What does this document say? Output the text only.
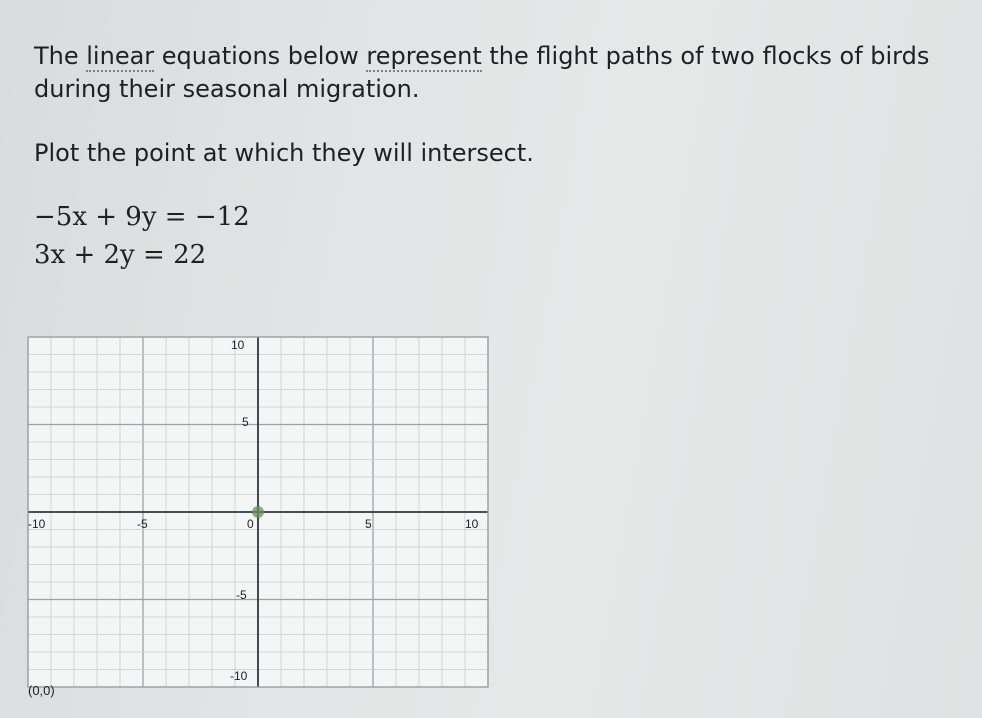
The linear equations below represent the flight paths of two flocks of birds during their seasonal migration.

Plot the point at which they will intersect.

−5x + 9y = −12

3x + 2y = 22

-10	-5	0	5	10
10
5
-5
-10
(0,0)
